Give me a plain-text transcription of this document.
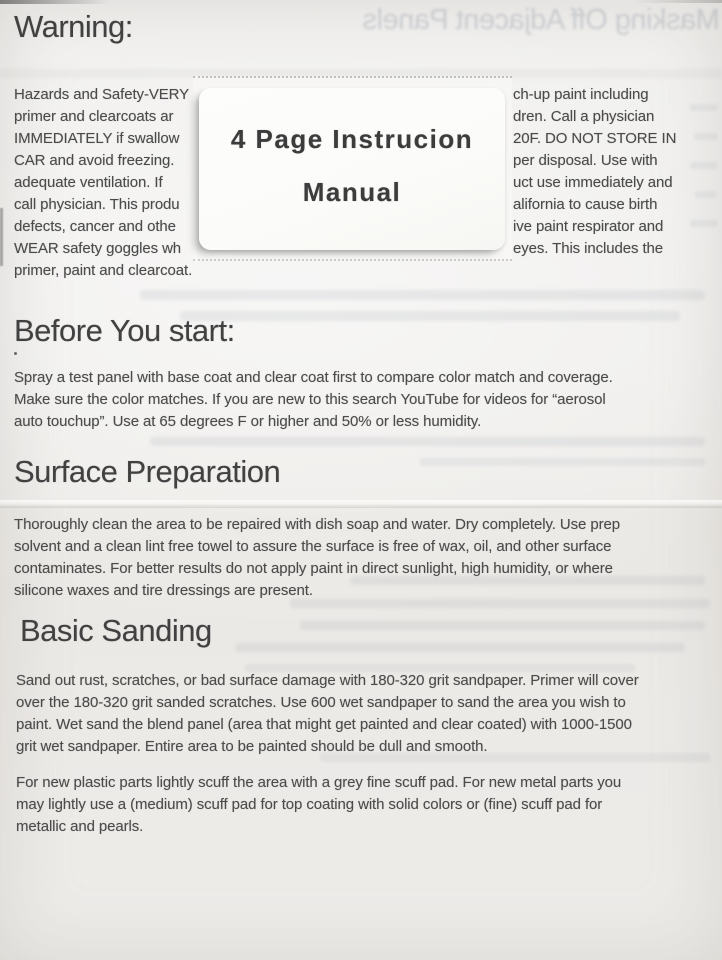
Masking Off Adjacent Panels
Warning:
Hazards and Safety-VERY
primer and clearcoats ar
IMMEDIATELY if swallow
CAR and avoid freezing.
adequate ventilation. If
call physician. This produ
defects, cancer and othe
WEAR safety goggles wh
primer, paint and clearcoat.
ch-up paint including
dren. Call a physician
20F. DO NOT STORE IN
per disposal. Use with
uct use immediately and
alifornia to cause birth
ive paint respirator and
eyes. This includes the
4 Page Instrucion
Manual
Before You start:
Spray a test panel with base coat and clear coat first to compare color match and coverage.
Make sure the color matches. If you are new to this search YouTube for videos for “aerosol
auto touchup”. Use at 65 degrees F or higher and 50% or less humidity.
Surface Preparation
Thoroughly clean the area to be repaired with dish soap and water. Dry completely. Use prep
solvent and a clean lint free towel to assure the surface is free of wax, oil, and other surface
contaminates. For better results do not apply paint in direct sunlight, high humidity, or where
silicone waxes and tire dressings are present.
Basic Sanding
Sand out rust, scratches, or bad surface damage with 180-320 grit sandpaper. Primer will cover
over the 180-320 grit sanded scratches. Use 600 wet sandpaper to sand the area you wish to
paint. Wet sand the blend panel (area that might get painted and clear coated) with 1000-1500
grit wet sandpaper. Entire area to be painted should be dull and smooth.
For new plastic parts lightly scuff the area with a grey fine scuff pad. For new metal parts you
may lightly use a (medium) scuff pad for top coating with solid colors or (fine) scuff pad for
metallic and pearls.
